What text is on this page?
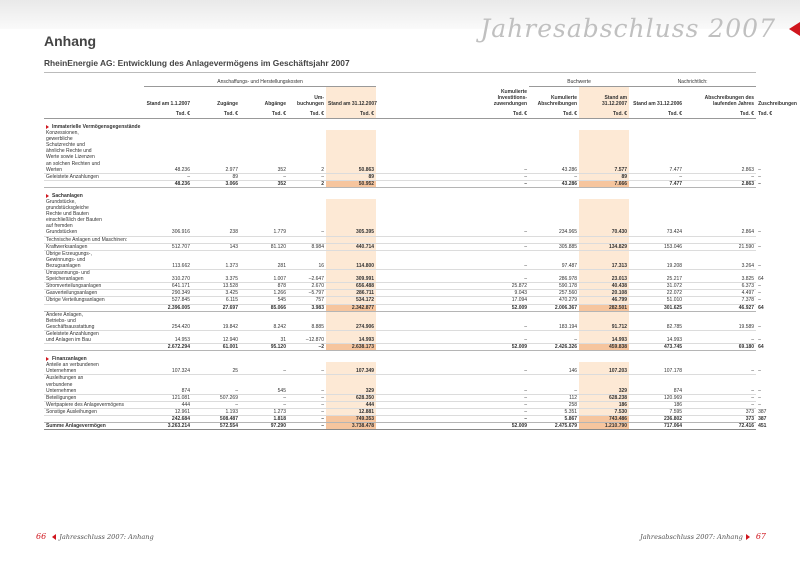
Jahresabschluss 2007
Anhang
RheinEnergie AG: Entwicklung des Anlagevermögens im Geschäftsjahr 2007
	Anschaffungs- und Herstellungskosten							Buchwerte		Nachrichtlich:		
	Stand am 1.1.2007	Zugänge	Abgänge	Um-buchungen	Stand am 31.12.2007		Kumulierte Investitions-zuwendungen	Kumulierte Abschreibungen	Stand am 31.12.2007	Stand am 31.12.2006	Abschreibungen des laufenden Jahres	Zuschreibungen
	Tsd. €	Tsd. €	Tsd. €	Tsd. €	Tsd. €		Tsd. €	Tsd. €	Tsd. €	Tsd. €	Tsd. €	Tsd. €
Immaterielle Vermögensgegenstände												
Konzessionen, gewerbliche Schutzrechte und ähnliche Rechte und Werte sowie Lizenzen an solchen Rechten und Werten	48.236	2.977	352	2	50.863		–	43.286	7.577	7.477	2.863	–
Geleistete Anzahlungen	–	89	–	–	89		–	–	89	–	–	–
	48.236	3.066	352	2	50.952		–	43.286	7.666	7.477	2.863	–
Sachanlagen												
Grundstücke, grundstücksgleiche Rechte und Bauten einschließlich der Bauten auf fremden Grundstücken	306.916	238	1.779	–	305.395		–	234.965	70.430	73.424	2.864	–
Technische Anlagen und Maschinen:												
Kraftwerksanlagen	512.707	143	81.120	8.984	440.714		–	305.885	134.829	153.046	21.590	–
Übrige Erzeugungs-, Gewinnungs- und Bezugsanlagen	113.662	1.373	281	16	114.800		–	97.487	17.313	19.208	3.264	–
Umspannungs- und Speicheranlagen	310.270	3.375	1.007	–2.647	309.991		–	286.978	23.013	25.217	3.825	64
Stromverteilungsanlagen	641.171	13.528	878	2.670	656.488		25.872	590.178	40.438	31.072	6.373	–
Gasverteilungsanlagen	290.349	3.425	1.266	–5.797	286.711		9.043	257.560	20.108	22.072	4.497	–
Übrige Verteilungsanlagen	527.845	6.115	545	757	534.172		17.094	470.279	46.799	51.010	7.378	–
	2.396.005	27.697	85.066	3.983	2.342.877		52.009	2.006.367	282.501	301.625	46.927	64
Andere Anlagen, Betriebs- und Geschäftsausstattung	254.420	19.842	8.242	8.885	274.906		–	183.194	91.712	82.785	19.589	–
Geleistete Anzahlungen und Anlagen im Bau	14.953	12.940	31	–12.870	14.993		–	–	14.993	14.993	–	–
	2.672.294	61.001	95.120	–2	2.638.173		52.009	2.426.326	459.838	473.745	69.180	64
Finanzanlagen												
Anteile an verbundenen Unternehmen	107.324	25	–	–	107.349		–	146	107.203	107.178	–	–
Ausleihungen an verbundene Unternehmen	874	–	545	–	329		–	–	329	874	–	–
Beteiligungen	121.081	507.269	–	–	628.350		–	112	628.238	120.969	–	–
Wertpapiere des Anlagevermögens	444	–	–	–	444		–	258	186	186	–	–
Sonstige Ausleihungen	12.961	1.193	1.273	–	12.881		–	5.351	7.530	7.595	373	387
	242.684	508.487	1.818	–	749.353		–	5.867	743.486	236.802	373	387
Summe Anlagevermögen	3.263.214	572.554	97.290	–	3.738.478		52.009	2.475.679	1.210.790	717.064	72.416	451
66 Jahresschluss 2007: Anhang	Jahresabschluss 2007: Anhang 67
